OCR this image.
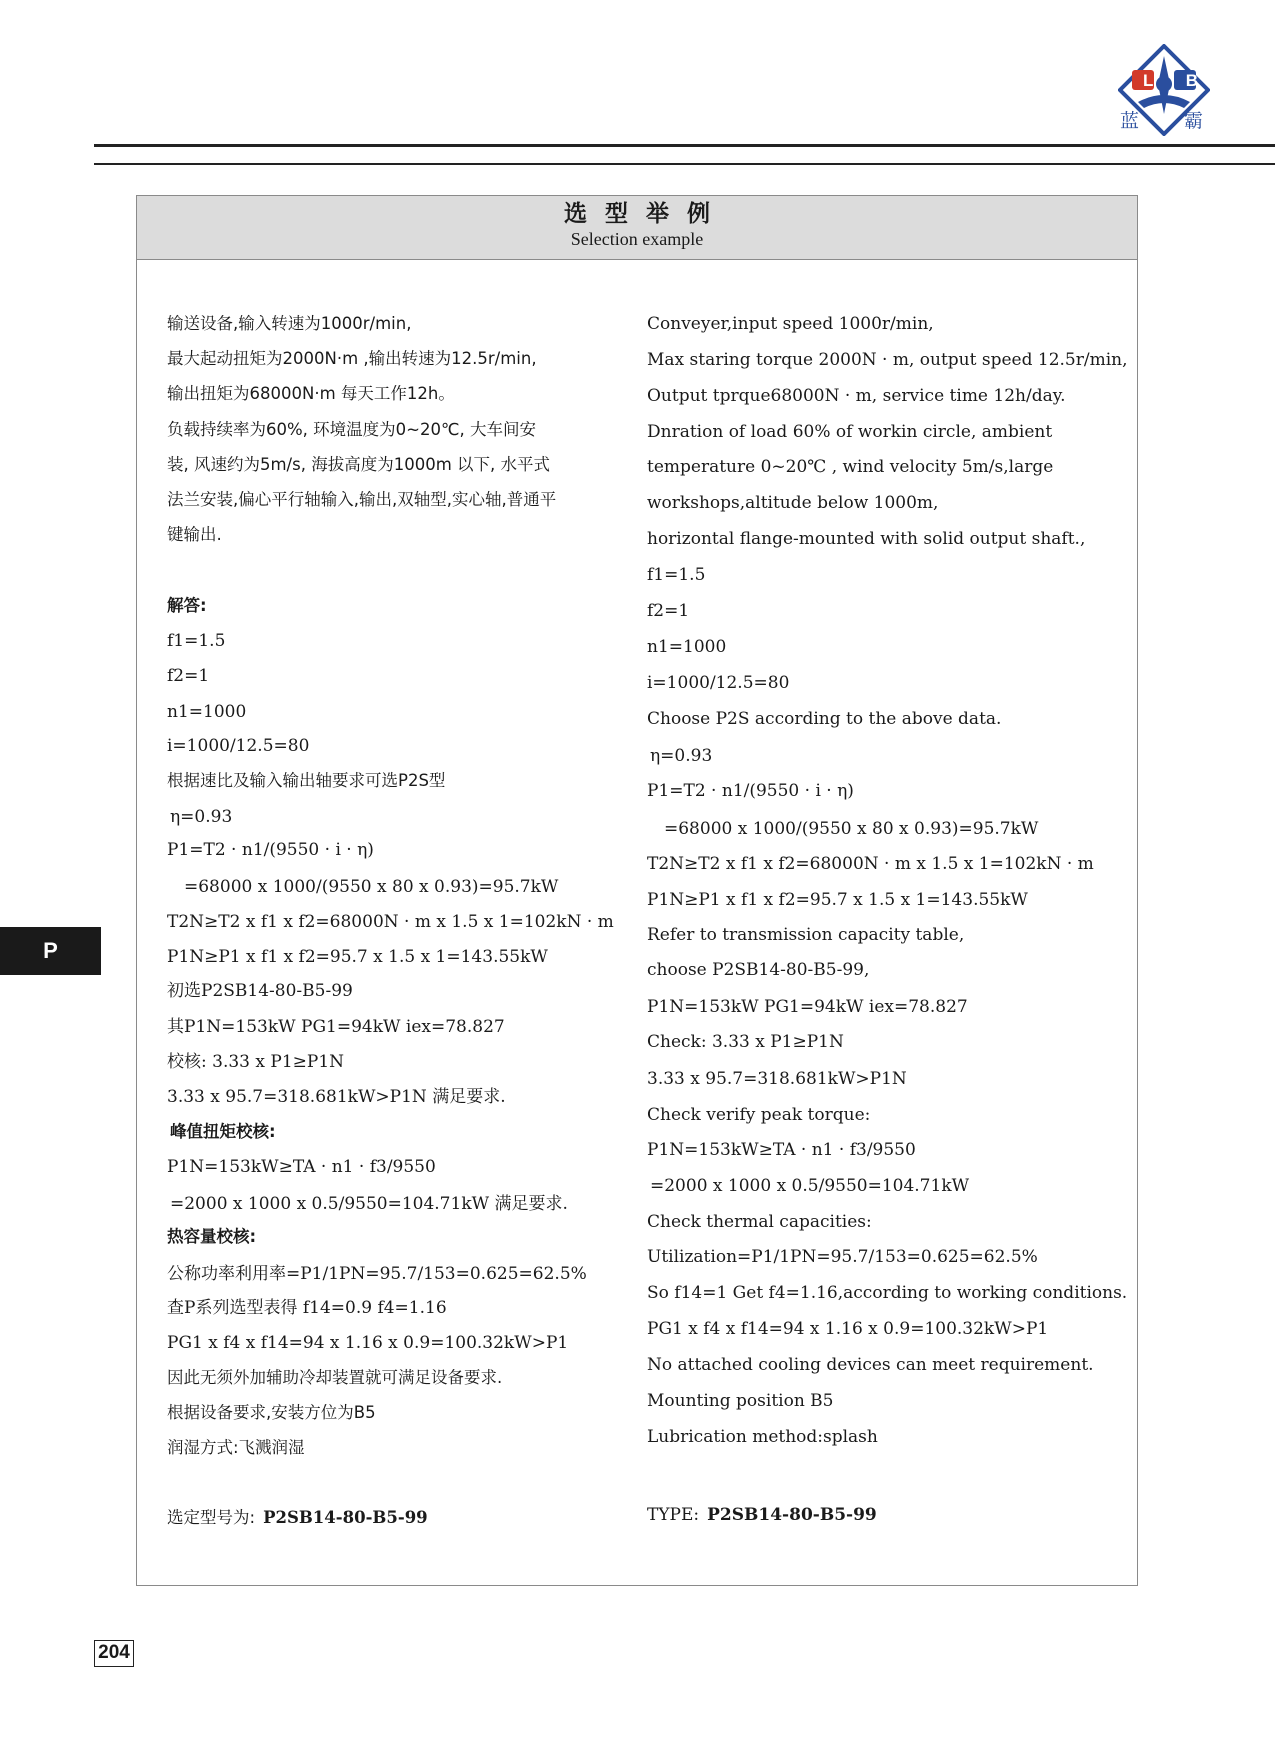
蓝 霸
L B
选型举例
Selection example
输送设备,输入转速为1000r/min,
最大起动扭矩为2000N·m ,输出转速为12.5r/min,
输出扭矩为68000N·m 每天工作12h。
负载持续率为60%, 环境温度为0~20℃, 大车间安
装, 风速约为5m/s, 海拔高度为1000m 以下, 水平式
法兰安装,偏心平行轴输入,输出,双轴型,实心轴,普通平
键输出.
解答:
f1=1.5
f2=1
n1=1000
i=1000/12.5=80
根据速比及输入输出轴要求可选P2S型
η=0.93
P1=T2 · n1/(9550 · i · η)
=68000 x 1000/(9550 x 80 x 0.93)=95.7kW
T2N≥T2 x f1 x f2=68000N · m x 1.5 x 1=102kN · m
P1N≥P1 x f1 x f2=95.7 x 1.5 x 1=143.55kW
初选P2SB14-80-B5-99
其P1N=153kW PG1=94kW iex=78.827
校核: 3.33 x P1≥P1N
3.33 x 95.7=318.681kW>P1N 满足要求.
峰值扭矩校核:
P1N=153kW≥TA · n1 · f3/9550
=2000 x 1000 x 0.5/9550=104.71kW 满足要求.
热容量校核:
公称功率利用率=P1/1PN=95.7/153=0.625=62.5%
查P系列选型表得 f14=0.9 f4=1.16
PG1 x f4 x f14=94 x 1.16 x 0.9=100.32kW>P1
因此无须外加辅助冷却装置就可满足设备要求.
根据设备要求,安装方位为B5
润湿方式:飞溅润湿
选定型号为: P2SB14-80-B5-99
Conveyer,input speed 1000r/min,
Max staring torque 2000N · m, output speed 12.5r/min,
Output tprque68000N · m, service time 12h/day.
Dnration of load 60% of workin circle, ambient
temperature 0~20℃ , wind velocity 5m/s,large
workshops,altitude below 1000m,
horizontal flange-mounted with solid output shaft.,
f1=1.5
f2=1
n1=1000
i=1000/12.5=80
Choose P2S according to the above data.
η=0.93
P1=T2 · n1/(9550 · i · η)
=68000 x 1000/(9550 x 80 x 0.93)=95.7kW
T2N≥T2 x f1 x f2=68000N · m x 1.5 x 1=102kN · m
P1N≥P1 x f1 x f2=95.7 x 1.5 x 1=143.55kW
Refer to transmission capacity table,
choose P2SB14-80-B5-99,
P1N=153kW PG1=94kW iex=78.827
Check: 3.33 x P1≥P1N
3.33 x 95.7=318.681kW>P1N
Check verify peak torque:
P1N=153kW≥TA · n1 · f3/9550
=2000 x 1000 x 0.5/9550=104.71kW
Check thermal capacities:
Utilization=P1/1PN=95.7/153=0.625=62.5%
So f14=1 Get f4=1.16,according to working conditions.
PG1 x f4 x f14=94 x 1.16 x 0.9=100.32kW>P1
No attached cooling devices can meet requirement.
Mounting position B5
Lubrication method:splash
TYPE: P2SB14-80-B5-99
P
204
